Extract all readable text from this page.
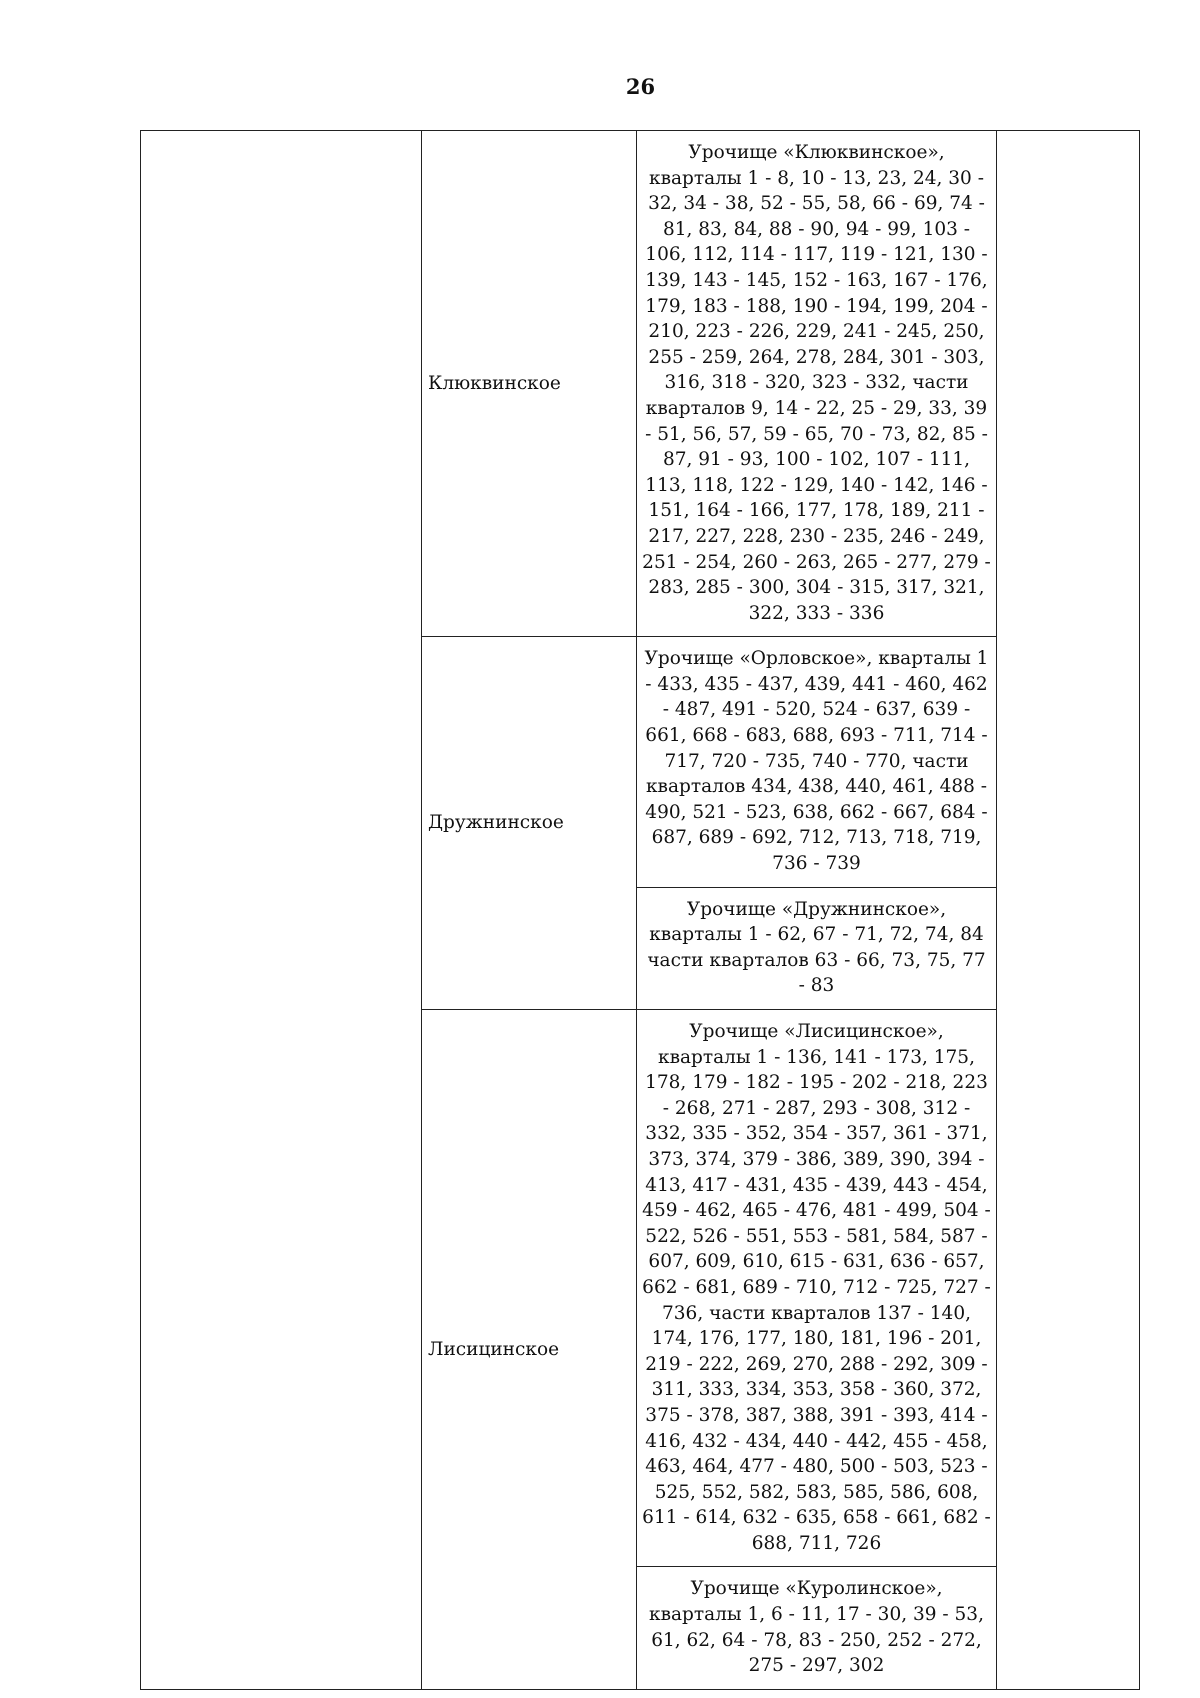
26
	Клюквинское	Урочище «Клюквинское», кварталы 1 - 8, 10 - 13, 23, 24, 30 - 32, 34 - 38, 52 - 55, 58, 66 - 69, 74 - 81, 83, 84, 88 - 90, 94 - 99, 103 - 106, 112, 114 - 117, 119 - 121, 130 - 139, 143 - 145, 152 - 163, 167 - 176, 179, 183 - 188, 190 - 194, 199, 204 - 210, 223 - 226, 229, 241 - 245, 250, 255 - 259, 264, 278, 284, 301 - 303, 316, 318 - 320, 323 - 332, части кварталов 9, 14 - 22, 25 - 29, 33, 39 - 51, 56, 57, 59 - 65, 70 - 73, 82, 85 - 87, 91 - 93, 100 - 102, 107 - 111, 113, 118, 122 - 129, 140 - 142, 146 - 151, 164 - 166, 177, 178, 189, 211 - 217, 227, 228, 230 - 235, 246 - 249, 251 - 254, 260 - 263, 265 - 277, 279 - 283, 285 - 300, 304 - 315, 317, 321, 322, 333 - 336	
	Дружнинское	Урочище «Орловское», кварталы 1 - 433, 435 - 437, 439, 441 - 460, 462 - 487, 491 - 520, 524 - 637, 639 - 661, 668 - 683, 688, 693 - 711, 714 - 717, 720 - 735, 740 - 770, части кварталов 434, 438, 440, 461, 488 - 490, 521 - 523, 638, 662 - 667, 684 - 687, 689 - 692, 712, 713, 718, 719, 736 - 739	
		Урочище «Дружнинское», кварталы 1 - 62, 67 - 71, 72, 74, 84 части кварталов 63 - 66, 73, 75, 77 - 83	
	Лисицинское	Урочище «Лисицинское», кварталы 1 - 136, 141 - 173, 175, 178, 179 - 182 - 195 - 202 - 218, 223 - 268, 271 - 287, 293 - 308, 312 - 332, 335 - 352, 354 - 357, 361 - 371, 373, 374, 379 - 386, 389, 390, 394 - 413, 417 - 431, 435 - 439, 443 - 454, 459 - 462, 465 - 476, 481 - 499, 504 - 522, 526 - 551, 553 - 581, 584, 587 - 607, 609, 610, 615 - 631, 636 - 657, 662 - 681, 689 - 710, 712 - 725, 727 - 736, части кварталов 137 - 140, 174, 176, 177, 180, 181, 196 - 201, 219 - 222, 269, 270, 288 - 292, 309 - 311, 333, 334, 353, 358 - 360, 372, 375 - 378, 387, 388, 391 - 393, 414 - 416, 432 - 434, 440 - 442, 455 - 458, 463, 464, 477 - 480, 500 - 503, 523 - 525, 552, 582, 583, 585, 586, 608, 611 - 614, 632 - 635, 658 - 661, 682 - 688, 711, 726	
		Урочище «Куролинское», кварталы 1, 6 - 11, 17 - 30, 39 - 53, 61, 62, 64 - 78, 83 - 250, 252 - 272, 275 - 297, 302	
